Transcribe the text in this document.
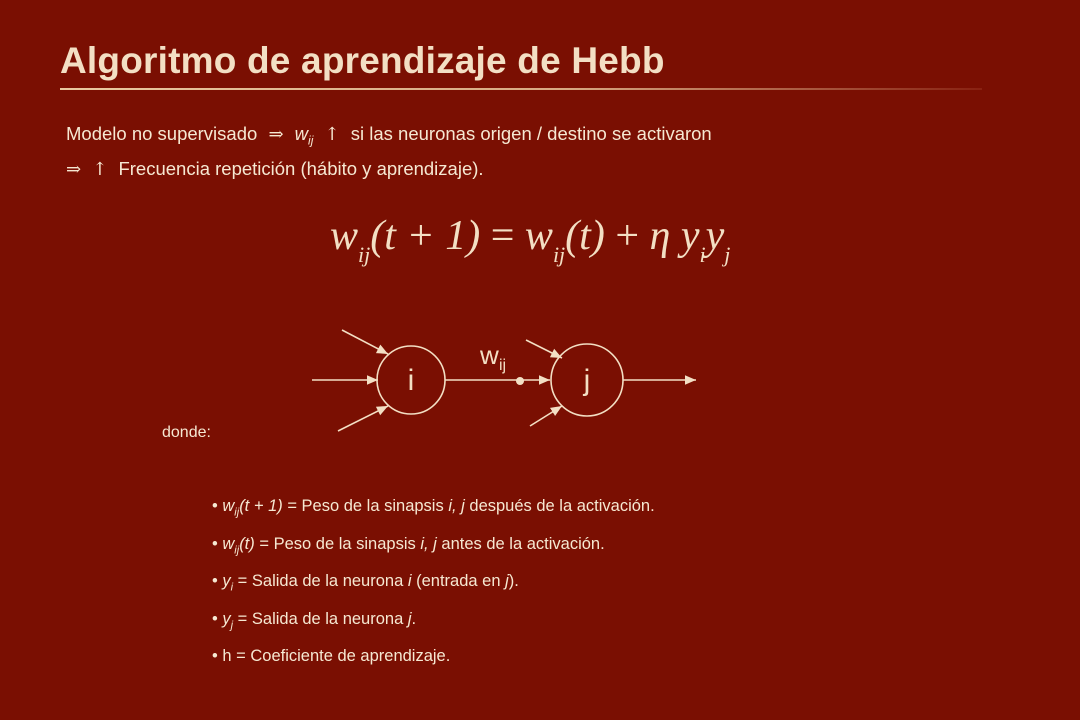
Algoritmo de aprendizaje de Hebb
Modelo no supervisado ⇒ $w_{ij}$ ↑ si las neuronas origen / destino se activaron
⇒ ↑ Frecuencia repetición (hábito y aprendizaje).
$w_{ij}(t + 1) = w_{ij}(t) + \eta$ $y_iy_j$
i	j
w ij
donde:
• $w_{ij}(t + 1)$ = Peso de la sinapsis i, j después de la activación.
• $w_{ij}(t)$ = Peso de la sinapsis i, j antes de la activación.
• $y_i$ = Salida de la neurona i (entrada en j).
• $y_j$ = Salida de la neurona j.
• h = Coeficiente de aprendizaje.
